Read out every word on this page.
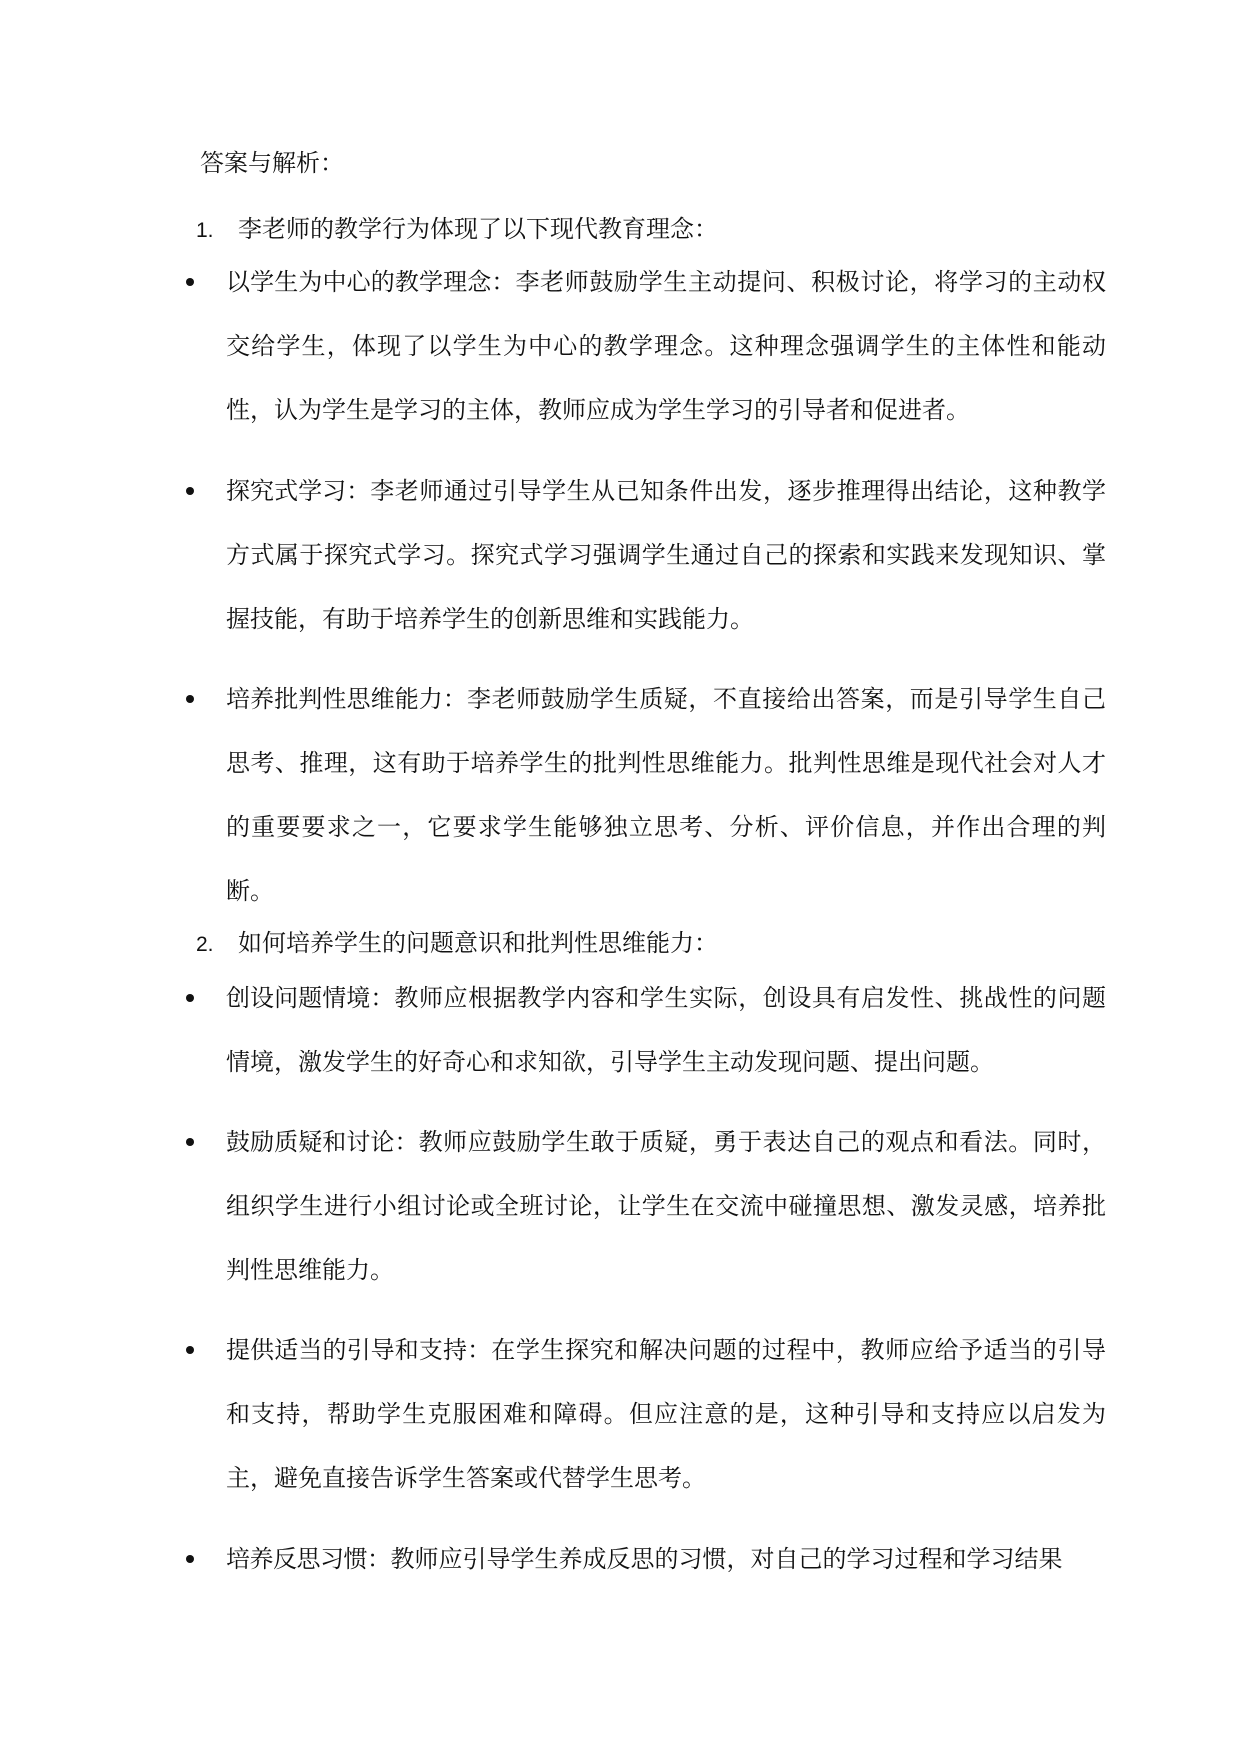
答案与解析：
1. 李老师的教学行为体现了以下现代教育理念：
以学生为中心的教学理念：李老师鼓励学生主动提问、积极讨论，将学习的主动权交给学生，体现了以学生为中心的教学理念。这种理念强调学生的主体性和能动性，认为学生是学习的主体，教师应成为学生学习的引导者和促进者。
探究式学习：李老师通过引导学生从已知条件出发，逐步推理得出结论，这种教学方式属于探究式学习。探究式学习强调学生通过自己的探索和实践来发现知识、掌握技能，有助于培养学生的创新思维和实践能力。
培养批判性思维能力：李老师鼓励学生质疑，不直接给出答案，而是引导学生自己思考、推理，这有助于培养学生的批判性思维能力。批判性思维是现代社会对人才的重要要求之一，它要求学生能够独立思考、分析、评价信息，并作出合理的判断。
2. 如何培养学生的问题意识和批判性思维能力：
创设问题情境：教师应根据教学内容和学生实际，创设具有启发性、挑战性的问题情境，激发学生的好奇心和求知欲，引导学生主动发现问题、提出问题。
鼓励质疑和讨论：教师应鼓励学生敢于质疑，勇于表达自己的观点和看法。同时，组织学生进行小组讨论或全班讨论，让学生在交流中碰撞思想、激发灵感，培养批判性思维能力。
提供适当的引导和支持：在学生探究和解决问题的过程中，教师应给予适当的引导和支持，帮助学生克服困难和障碍。但应注意的是，这种引导和支持应以启发为主，避免直接告诉学生答案或代替学生思考。
培养反思习惯：教师应引导学生养成反思的习惯，对自己的学习过程和学习结果
